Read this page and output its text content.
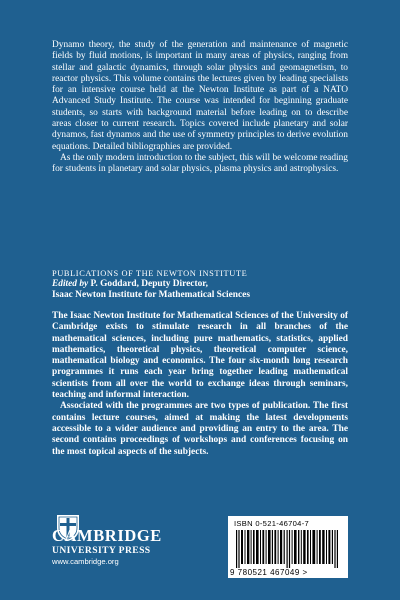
Dynamo theory, the study of the generation and maintenance of magnetic fields by fluid motions, is important in many areas of physics, ranging from stellar and galactic dynamics, through solar physics and geomagnetism, to reactor physics. This volume contains the lectures given by leading specialists for an intensive course held at the Newton Institute as part of a NATO Advanced Study Institute. The course was intended for beginning graduate students, so starts with background material before leading on to describe areas closer to current research. Topics covered include planetary and solar dynamos, fast dynamos and the use of symmetry principles to derive evolution equations. Detailed bibliographies are provided.

As the only modern introduction to the subject, this will be welcome reading for students in planetary and solar physics, plasma physics and astrophysics.

PUBLICATIONS OF THE NEWTON INSTITUTE
Edited by P. Goddard, Deputy Director,
Isaac Newton Institute for Mathematical Sciences

The Isaac Newton Institute for Mathematical Sciences of the University of Cambridge exists to stimulate research in all branches of the mathematical sciences, including pure mathematics, statistics, applied mathematics, theoretical physics, theoretical computer science, mathematical biology and economics. The four six-month long research programmes it runs each year bring together leading mathematical scientists from all over the world to exchange ideas through seminars, teaching and informal interaction.

Associated with the programmes are two types of publication. The first contains lecture courses, aimed at making the latest developments accessible to a wider audience and providing an entry to the area. The second contains proceedings of workshops and conferences focusing on the most topical aspects of the subjects.

CAMBRIDGE
UNIVERSITY PRESS
www.cambridge.org
ISBN 0-521-46704-7
9 780521 467049 >
